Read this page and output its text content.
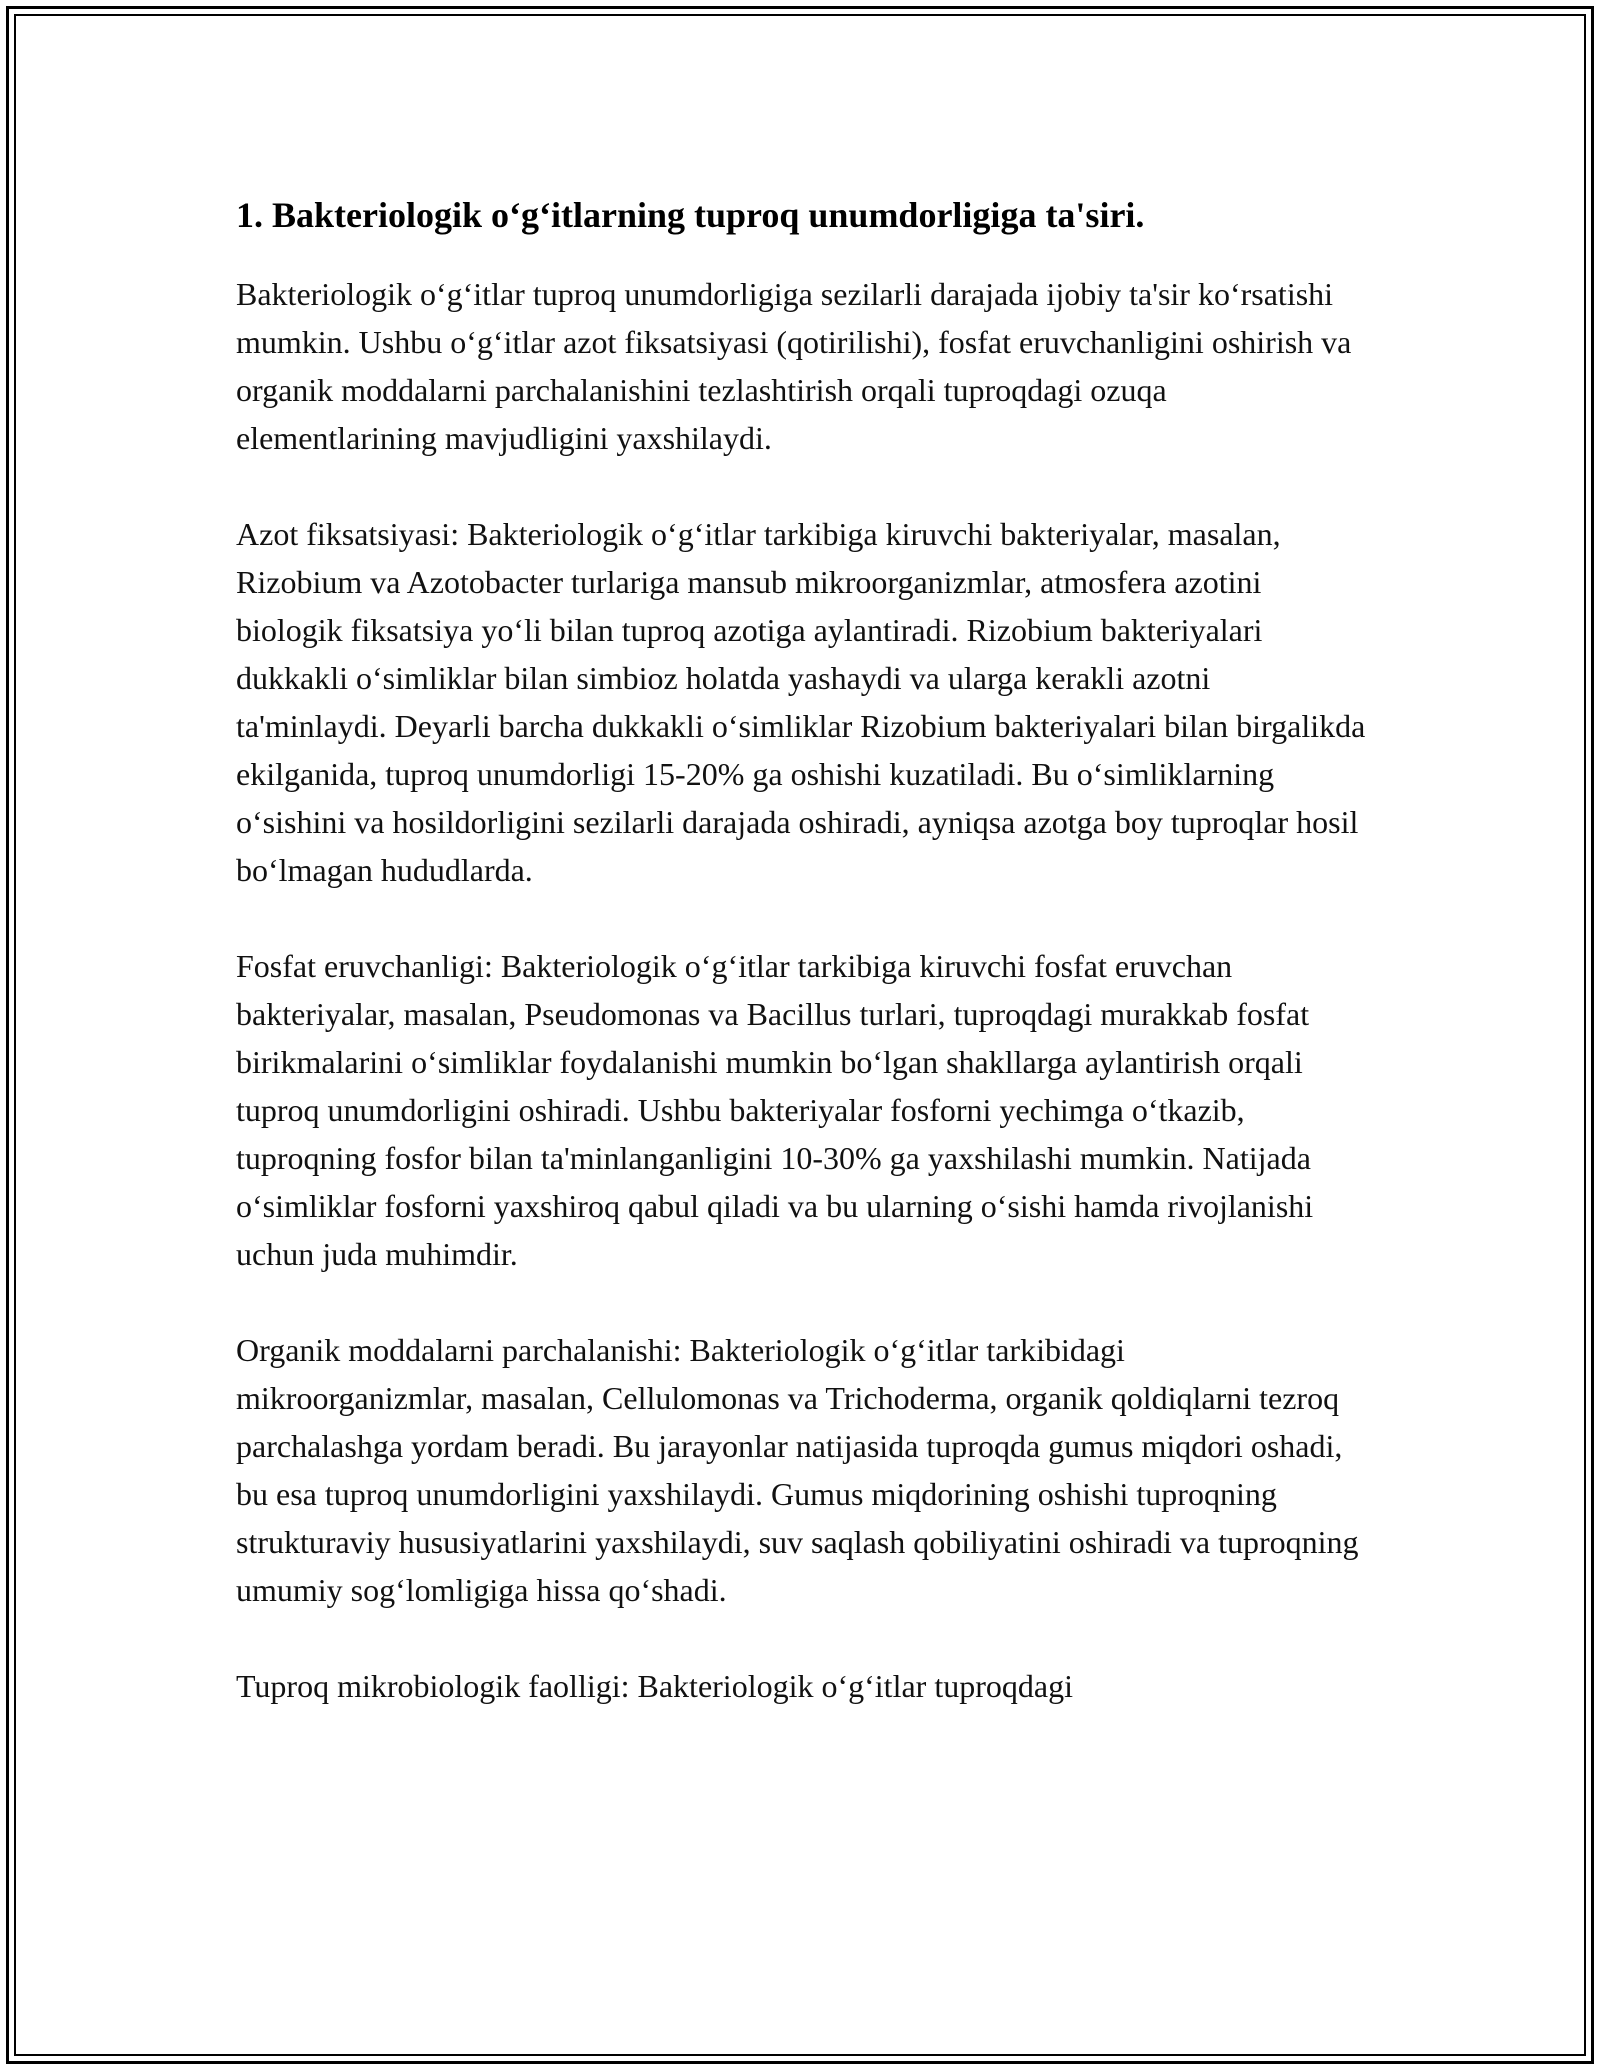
1. Bakteriologik o‘g‘itlarning tuproq unumdorligiga ta'siri.

Bakteriologik o‘g‘itlar tuproq unumdorligiga sezilarli darajada ijobiy ta'sir ko‘rsatishi mumkin. Ushbu o‘g‘itlar azot fiksatsiyasi (qotirilishi), fosfat eruvchanligini oshirish va organik moddalarni parchalanishini tezlashtirish orqali tuproqdagi ozuqa elementlarining mavjudligini yaxshilaydi.

Azot fiksatsiyasi: Bakteriologik o‘g‘itlar tarkibiga kiruvchi bakteriyalar, masalan, Rizobium va Azotobacter turlariga mansub mikroorganizmlar, atmosfera azotini biologik fiksatsiya yo‘li bilan tuproq azotiga aylantiradi. Rizobium bakteriyalari dukkakli o‘simliklar bilan simbioz holatda yashaydi va ularga kerakli azotni ta'minlaydi. Deyarli barcha dukkakli o‘simliklar Rizobium bakteriyalari bilan birgalikda ekilganida, tuproq unumdorligi 15-20% ga oshishi kuzatiladi. Bu o‘simliklarning o‘sishini va hosildorligini sezilarli darajada oshiradi, ayniqsa azotga boy tuproqlar hosil bo‘lmagan hududlarda.

Fosfat eruvchanligi: Bakteriologik o‘g‘itlar tarkibiga kiruvchi fosfat eruvchan bakteriyalar, masalan, Pseudomonas va Bacillus turlari, tuproqdagi murakkab fosfat birikmalarini o‘simliklar foydalanishi mumkin bo‘lgan shakllarga aylantirish orqali tuproq unumdorligini oshiradi. Ushbu bakteriyalar fosforni yechimga o‘tkazib, tuproqning fosfor bilan ta'minlanganligini 10-30% ga yaxshilashi mumkin. Natijada o‘simliklar fosforni yaxshiroq qabul qiladi va bu ularning o‘sishi hamda rivojlanishi uchun juda muhimdir.

Organik moddalarni parchalanishi: Bakteriologik o‘g‘itlar tarkibidagi mikroorganizmlar, masalan, Cellulomonas va Trichoderma, organik qoldiqlarni tezroq parchalashga yordam beradi. Bu jarayonlar natijasida tuproqda gumus miqdori oshadi, bu esa tuproq unumdorligini yaxshilaydi. Gumus miqdorining oshishi tuproqning strukturaviy hususiyatlarini yaxshilaydi, suv saqlash qobiliyatini oshiradi va tuproqning umumiy sog‘lomligiga hissa qo‘shadi.

Tuproq mikrobiologik faolligi: Bakteriologik o‘g‘itlar tuproqdagi
